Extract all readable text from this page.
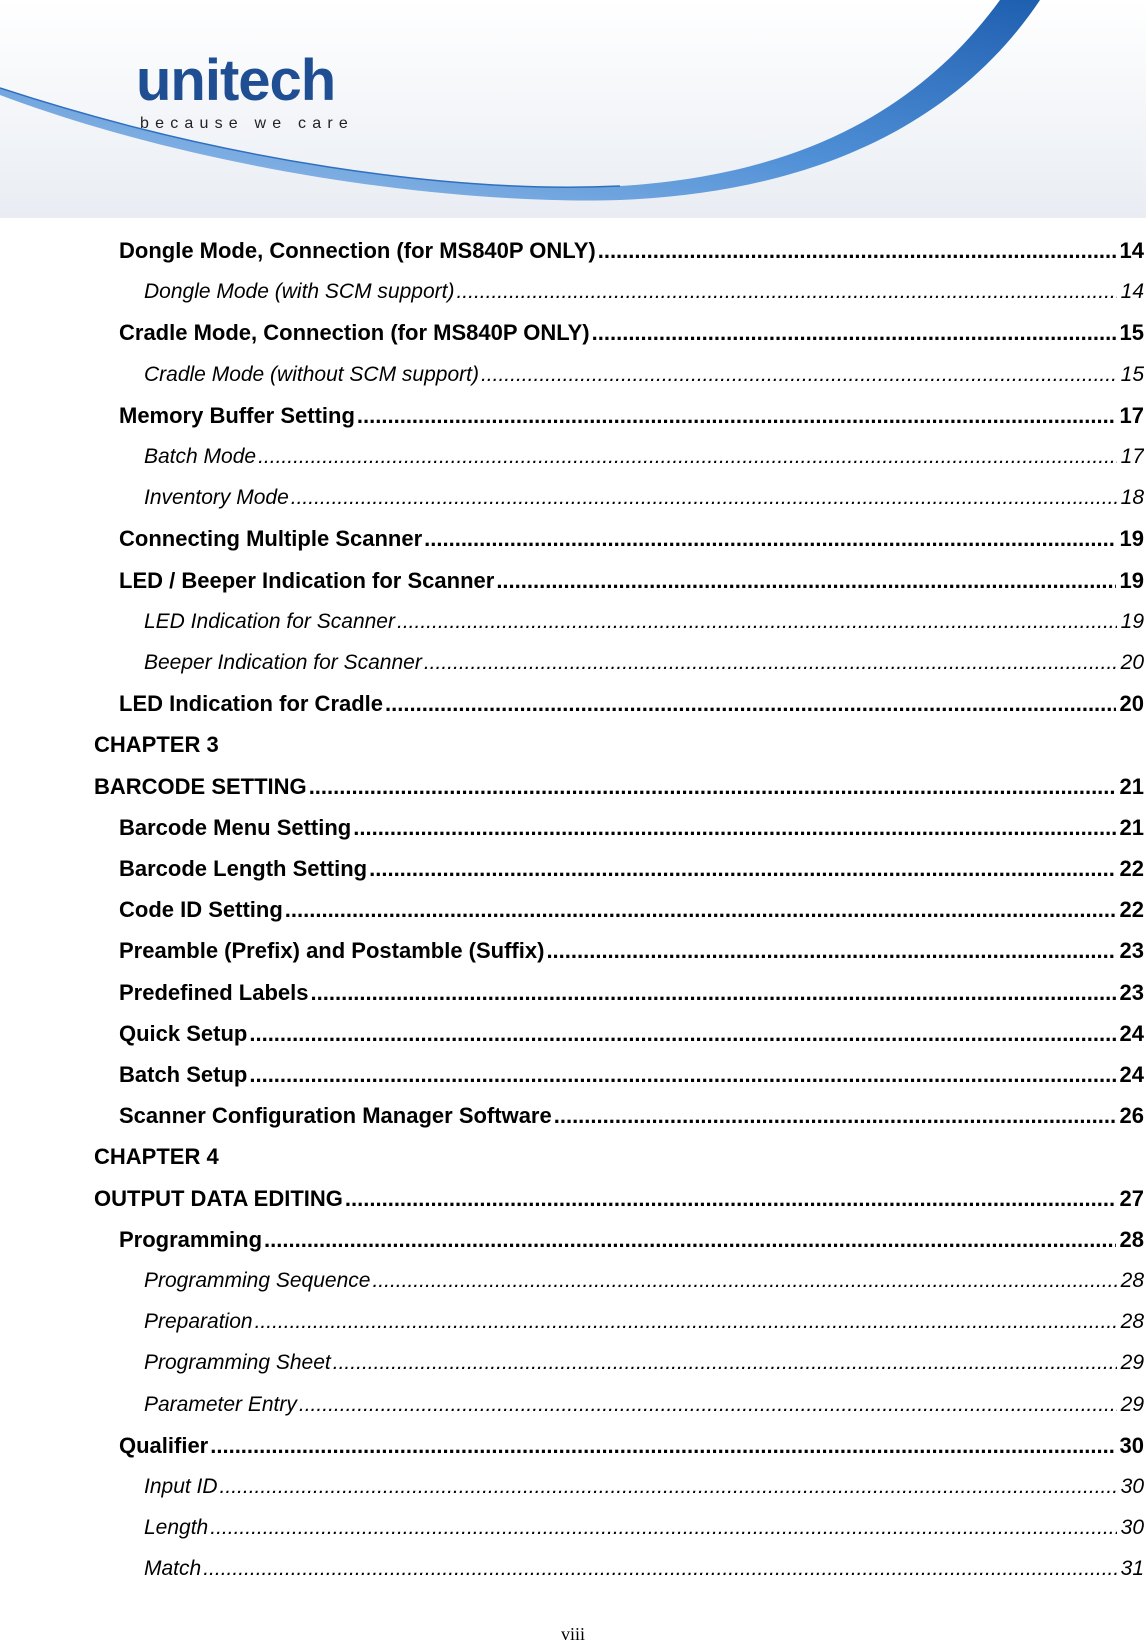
unitech
because we care
Dongle Mode, Connection (for MS840P ONLY) .....	14
Dongle Mode (with SCM support) .....	14
Cradle Mode, Connection (for MS840P ONLY) .....	15
Cradle Mode (without SCM support) .....	15
Memory Buffer Setting .....	17
Batch Mode .....	17
Inventory Mode .....	18
Connecting Multiple Scanner .....	19
LED / Beeper Indication for Scanner .....	19
LED Indication for Scanner .....	19
Beeper Indication for Scanner .....	20
LED Indication for Cradle .....	20
CHAPTER 3
BARCODE SETTING .....	21
Barcode Menu Setting .....	21
Barcode Length Setting .....	22
Code ID Setting .....	22
Preamble (Prefix) and Postamble (Suffix) .....	23
Predefined Labels .....	23
Quick Setup .....	24
Batch Setup .....	24
Scanner Configuration Manager Software .....	26
CHAPTER 4
OUTPUT DATA EDITING .....	27
Programming .....	28
Programming Sequence .....	28
Preparation .....	28
Programming Sheet .....	29
Parameter Entry .....	29
Qualifier .....	30
Input ID .....	30
Length .....	30
Match .....	31
viii
